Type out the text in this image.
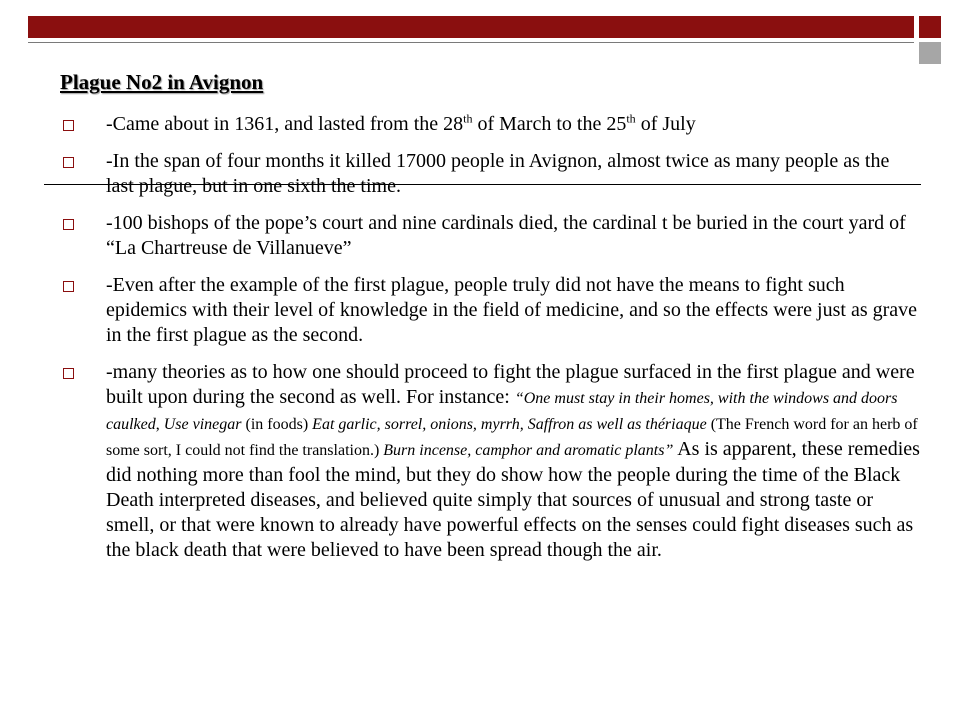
Plague No2 in Avignon
-Came about in 1361, and lasted from the 28th of March to the 25th of July
-In the span of four months it killed 17000 people in Avignon, almost twice as many people as the last plague, but in one sixth the time.
-100 bishops of the pope’s court and nine cardinals died, the cardinal t be buried in the court yard of “La Chartreuse de Villanueve”
-Even after the example of the first plague, people truly did not have the means to fight such epidemics with their level of knowledge in the field of medicine, and so the effects were just as grave in the first plague as the second.
-many theories as to how one should proceed to fight the plague surfaced in the first plague and were built upon during the second as well. For instance: “One must stay in their homes, with the windows and doors caulked, Use vinegar (in foods) Eat garlic, sorrel, onions, myrrh, Saffron as well as thériaque (The French word for an herb of some sort, I could not find the translation.) Burn incense, camphor and aromatic plants” As is apparent, these remedies did nothing more than fool the mind, but they do show how the people during the time of the Black Death interpreted diseases, and believed quite simply that sources of unusual and strong taste or smell, or that were known to already have powerful effects on the senses could fight diseases such as the black death that were believed to have been spread though the air.
